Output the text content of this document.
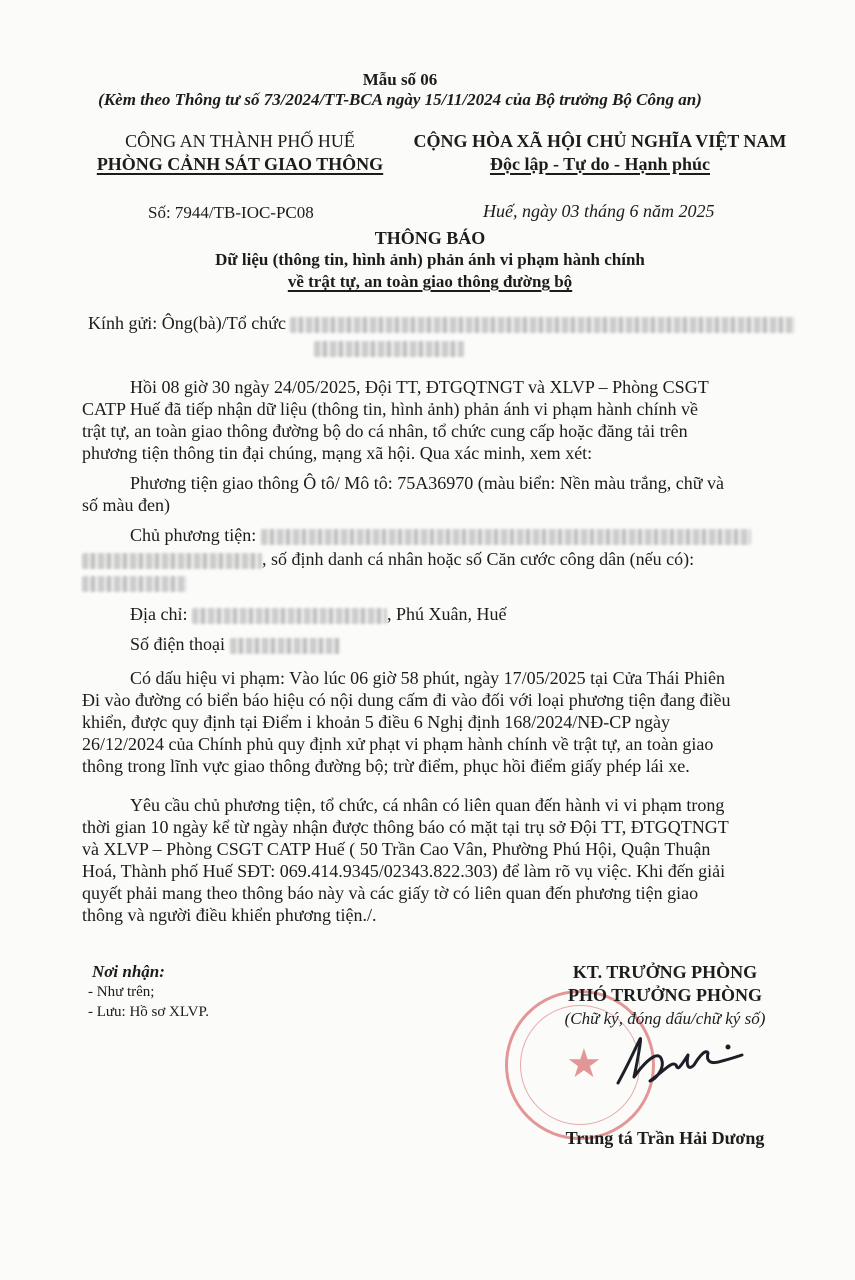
Mẫu số 06
(Kèm theo Thông tư số 73/2024/TT-BCA ngày 15/11/2024 của Bộ trưởng Bộ Công an)
CÔNG AN THÀNH PHỐ HUẾ
PHÒNG CẢNH SÁT GIAO THÔNG
CỘNG HÒA XÃ HỘI CHỦ NGHĨA VIỆT NAM
Độc lập - Tự do - Hạnh phúc
Số: 7944/TB-IOC-PC08	Huế, ngày 03 tháng 6 năm 2025
THÔNG BÁO
Dữ liệu (thông tin, hình ảnh) phản ánh vi phạm hành chính
về trật tự, an toàn giao thông đường bộ
Kính gửi: Ông(bà)/Tổ chức
Hồi 08 giờ 30 ngày 24/05/2025, Đội TT, ĐTGQTNGT và XLVP – Phòng CSGT
CATP Huế đã tiếp nhận dữ liệu (thông tin, hình ảnh) phản ánh vi phạm hành chính về
trật tự, an toàn giao thông đường bộ do cá nhân, tổ chức cung cấp hoặc đăng tải trên
phương tiện thông tin đại chúng, mạng xã hội. Qua xác minh, xem xét:
Phương tiện giao thông Ô tô/ Mô tô: 75A36970 (màu biển: Nền màu trắng, chữ và
số màu đen)
Chủ phương tiện:
, số định danh cá nhân hoặc số Căn cước công dân (nếu có):
Địa chỉ:	, Phú Xuân, Huế
Số điện thoại
Có dấu hiệu vi phạm: Vào lúc 06 giờ 58 phút, ngày 17/05/2025 tại Cửa Thái Phiên
Đi vào đường có biển báo hiệu có nội dung cấm đi vào đối với loại phương tiện đang điều
khiển, được quy định tại Điểm i khoản 5 điều 6 Nghị định 168/2024/NĐ-CP ngày
26/12/2024 của Chính phủ quy định xử phạt vi phạm hành chính về trật tự, an toàn giao
thông trong lĩnh vực giao thông đường bộ; trừ điểm, phục hồi điểm giấy phép lái xe.
Yêu cầu chủ phương tiện, tổ chức, cá nhân có liên quan đến hành vi vi phạm trong
thời gian 10 ngày kể từ ngày nhận được thông báo có mặt tại trụ sở Đội TT, ĐTGQTNGT
và XLVP – Phòng CSGT CATP Huế ( 50 Trần Cao Vân, Phường Phú Hội, Quận Thuận
Hoá, Thành phố Huế SĐT: 069.414.9345/02343.822.303) để làm rõ vụ việc. Khi đến giải
quyết phải mang theo thông báo này và các giấy tờ có liên quan đến phương tiện giao
thông và người điều khiển phương tiện./.
Nơi nhận:
- Như trên;
- Lưu: Hồ sơ XLVP.
★
KT. TRƯỞNG PHÒNG
PHÓ TRƯỞNG PHÒNG
(Chữ ký, đóng dấu/chữ ký số)
Trung tá Trần Hải Dương
